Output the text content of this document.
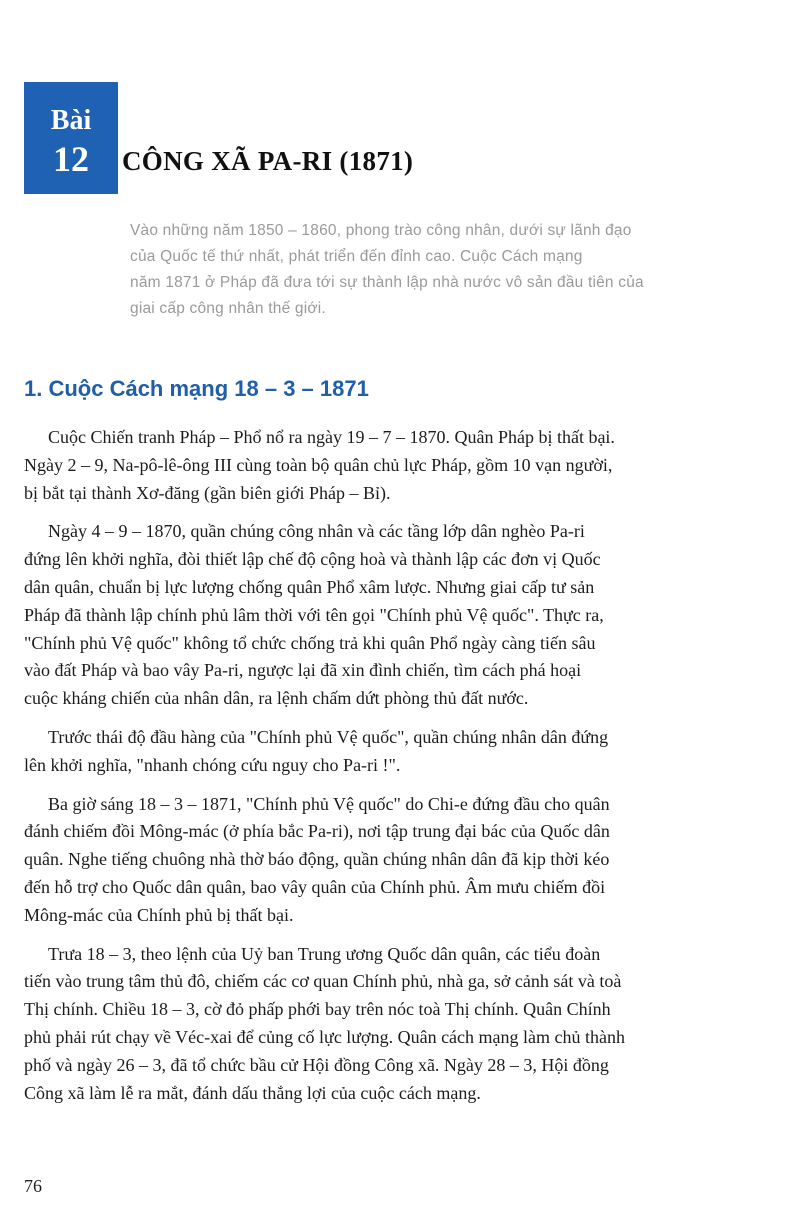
Bài
12	CÔNG XÃ PA-RI (1871)
Vào những năm 1850 – 1860, phong trào công nhân, dưới sự lãnh đạo
của Quốc tế thứ nhất, phát triển đến đỉnh cao. Cuộc Cách mạng
năm 1871 ở Pháp đã đưa tới sự thành lập nhà nước vô sản đầu tiên của
giai cấp công nhân thế giới.
1. Cuộc Cách mạng 18 – 3 – 1871
Cuộc Chiến tranh Pháp – Phổ nổ ra ngày 19 – 7 – 1870. Quân Pháp bị thất bại.
Ngày 2 – 9, Na-pô-lê-ông III cùng toàn bộ quân chủ lực Pháp, gồm 10 vạn người,
bị bắt tại thành Xơ-đăng (gần biên giới Pháp – Bỉ).
Ngày 4 – 9 – 1870, quần chúng công nhân và các tầng lớp dân nghèo Pa-ri
đứng lên khởi nghĩa, đòi thiết lập chế độ cộng hoà và thành lập các đơn vị Quốc
dân quân, chuẩn bị lực lượng chống quân Phổ xâm lược. Nhưng giai cấp tư sản
Pháp đã thành lập chính phủ lâm thời với tên gọi "Chính phủ Vệ quốc". Thực ra,
"Chính phủ Vệ quốc" không tổ chức chống trả khi quân Phổ ngày càng tiến sâu
vào đất Pháp và bao vây Pa-ri, ngược lại đã xin đình chiến, tìm cách phá hoại
cuộc kháng chiến của nhân dân, ra lệnh chấm dứt phòng thủ đất nước.
Trước thái độ đầu hàng của "Chính phủ Vệ quốc", quần chúng nhân dân đứng
lên khởi nghĩa, "nhanh chóng cứu nguy cho Pa-ri !".
Ba giờ sáng 18 – 3 – 1871, "Chính phủ Vệ quốc" do Chi-e đứng đầu cho quân
đánh chiếm đồi Mông-mác (ở phía bắc Pa-ri), nơi tập trung đại bác của Quốc dân
quân. Nghe tiếng chuông nhà thờ báo động, quần chúng nhân dân đã kịp thời kéo
đến hỗ trợ cho Quốc dân quân, bao vây quân của Chính phủ. Âm mưu chiếm đồi
Mông-mác của Chính phủ bị thất bại.
Trưa 18 – 3, theo lệnh của Uỷ ban Trung ương Quốc dân quân, các tiểu đoàn
tiến vào trung tâm thủ đô, chiếm các cơ quan Chính phủ, nhà ga, sở cảnh sát và toà
Thị chính. Chiều 18 – 3, cờ đỏ phấp phới bay trên nóc toà Thị chính. Quân Chính
phủ phải rút chạy về Véc-xai để củng cố lực lượng. Quân cách mạng làm chủ thành
phố và ngày 26 – 3, đã tổ chức bầu cử Hội đồng Công xã. Ngày 28 – 3, Hội đồng
Công xã làm lễ ra mắt, đánh dấu thắng lợi của cuộc cách mạng.
76
